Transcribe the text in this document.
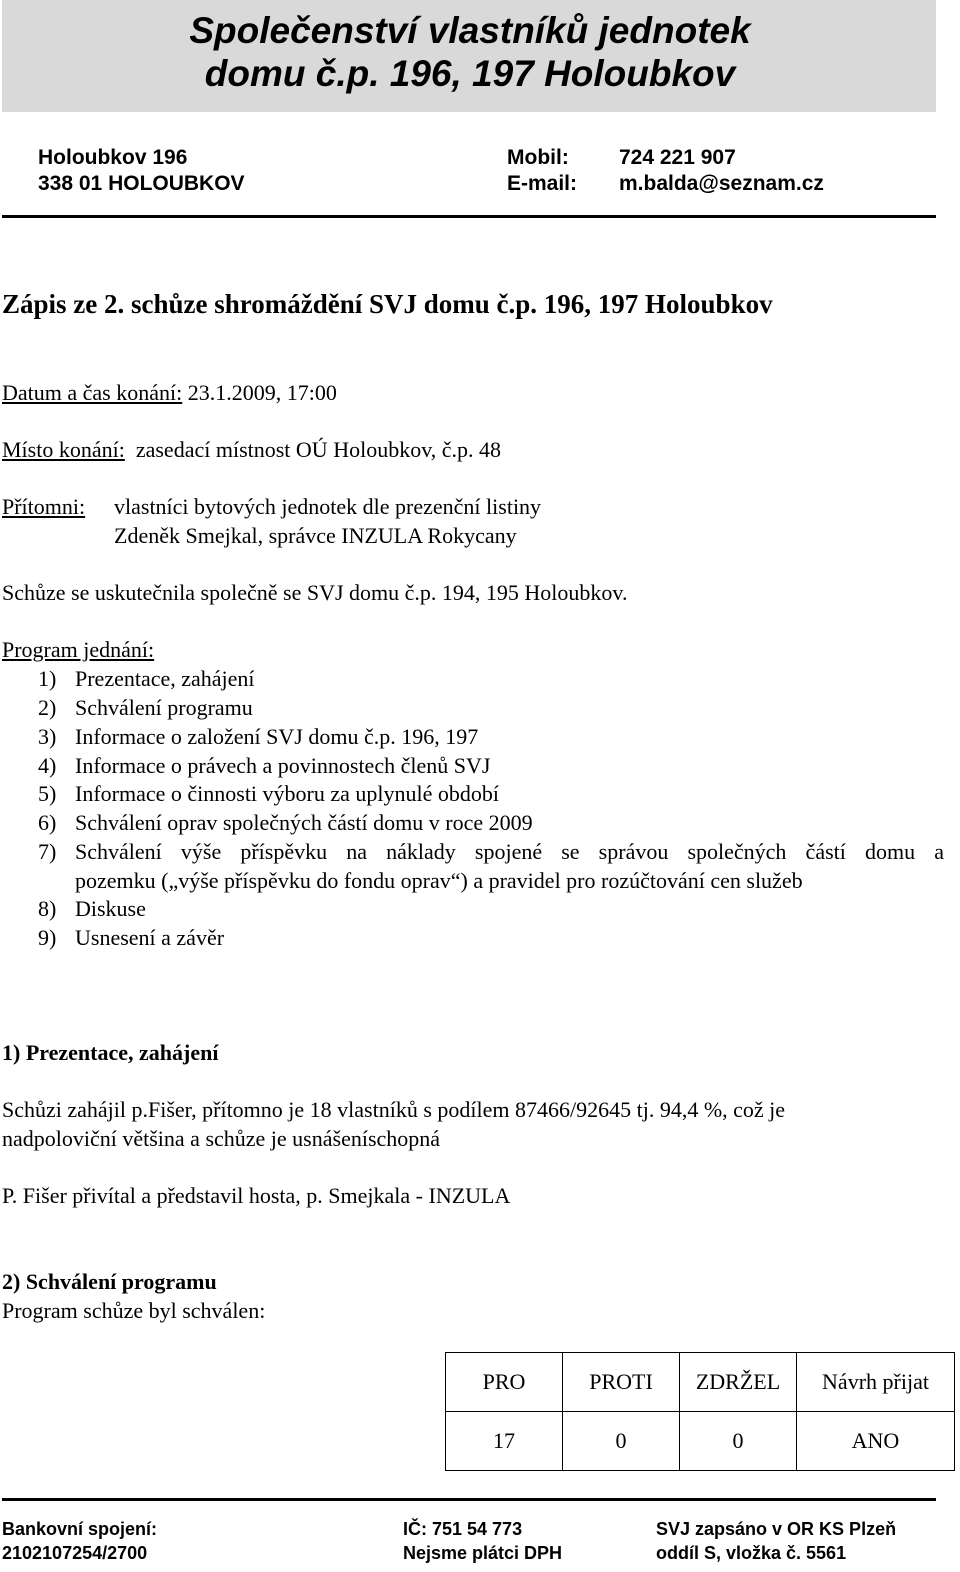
Společenství vlastníků jednotek
domu č.p. 196, 197 Holoubkov
Holoubkov 196
338 01 HOLOUBKOV
Mobil: 724 221 907
E-mail: m.balda@seznam.cz
Zápis ze 2. schůze shromáždění SVJ domu č.p. 196, 197 Holoubkov
Datum a čas konání: 23.1.2009, 17:00
Místo konání: zasedací místnost OÚ Holoubkov, č.p. 48
Přítomni: vlastníci bytových jednotek dle prezenční listiny
Zdeněk Smejkal, správce INZULA Rokycany
Schůze se uskutečnila společně se SVJ domu č.p. 194, 195 Holoubkov.
Program jednání:
1) Prezentace, zahájení
2) Schválení programu
3) Informace o založení SVJ domu č.p. 196, 197
4) Informace o právech a povinnostech členů SVJ
5) Informace o činnosti výboru za uplynulé období
6) Schválení oprav společných částí domu v roce 2009
7) Schválení výše příspěvku na náklady spojené se správou společných částí domu a
pozemku („výše příspěvku do fondu oprav“) a pravidel pro rozúčtování cen služeb
8) Diskuse
9) Usnesení a závěr
1) Prezentace, zahájení
Schůzi zahájil p.Fišer, přítomno je 18 vlastníků s podílem 87466/92645 tj. 94,4 %, což je
nadpoloviční většina a schůze je usnášeníschopná
P. Fišer přivítal a představil hosta, p. Smejkala - INZULA
2) Schválení programu
Program schůze byl schválen:
PRO	PROTI	ZDRŽEL	Návrh přijat
17	0	0	ANO
Bankovní spojení:
2102107254/2700
IČ: 751 54 773
Nejsme plátci DPH
SVJ zapsáno v OR KS Plzeň
oddíl S, vložka č. 5561
